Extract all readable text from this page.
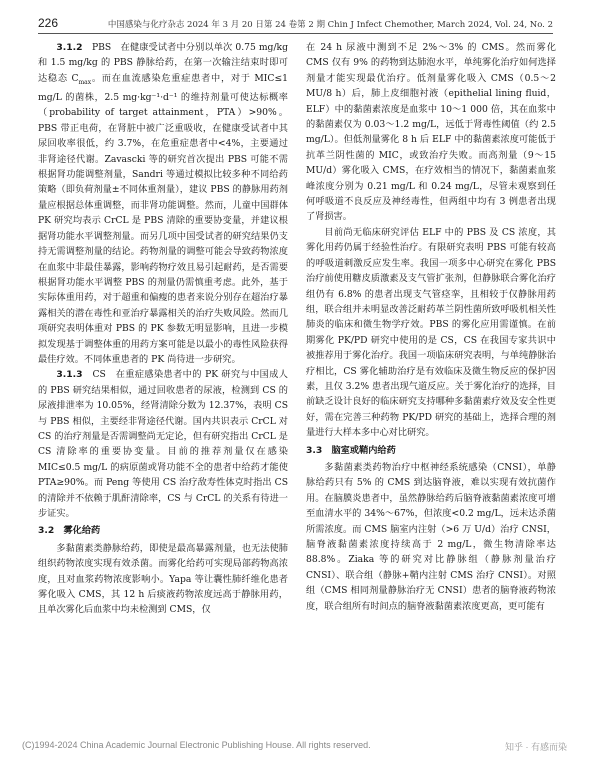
226	中国感染与化疗杂志 2024 年 3 月 20 日第 24 卷第 2 期 Chin J Infect Chemother, March 2024, Vol. 24, No. 2

3.1.2　PBS　在健康受试者中分别以单次 0.75 mg/kg 和 1.5 mg/kg 的 PBS 静脉给药，在第一次输注结束时即可达稳态 $C_{max}$。而在血流感染危重症患者中，对于 MIC≤1 mg/L 的菌株，2.5 mg·kg⁻¹·d⁻¹ 的维持剂量可使达标概率（probability of target attainment，PTA）>90%。PBS 带正电荷，在肾脏中被广泛重吸收，在健康受试者中其尿回收率很低，约 3.7%，在危重症患者中<4%，主要通过非肾途径代谢。Zavascki 等的研究首次提出 PBS 可能不需根据肾功能调整剂量，Sandri 等通过模拟比较多种不同给药策略（即负荷剂量±不同体重剂量），建议 PBS 的静脉用药剂量应根据总体重调整，而非肾功能调整。然而，儿童中国群体 PK 研究均表示 CrCL 是 PBS 清除的重要协变量，并建议根据肾功能水平调整剂量。而另几项中国受试者的研究结果仍支持无需调整剂量的结论。药物剂量的调整可能会导致药物浓度在血浆中非最佳暴露，影响药物疗效且易引起耐药，是否需要根据肾功能水平调整 PBS 的剂量仍需慎重考虑。此外，基于实际体重用药，对于超重和偏瘦的患者来说分别存在超治疗暴露相关的潜在毒性和亚治疗暴露相关的治疗失败风险。然而几项研究表明体重对 PBS 的 PK 参数无明显影响，且进一步模拟发现基于调整体重的用药方案可能是以最小的毒性风险获得最佳疗效。不同体重患者的 PK 尚待进一步研究。

3.1.3　CS　在重症感染患者中的 PK 研究与中国成人的 PBS 研究结果相似，通过回收患者的尿液，检测到 CS 的尿液排泄率为 10.05%，经肾清除分数为 12.37%，表明 CS 与 PBS 相似，主要经非肾途径代谢。国内共识表示 CrCL 对 CS 的治疗剂量是否需调整尚无定论，但有研究指出 CrCL 是 CS 清除率的重要协变量。目前的推荐剂量仅在感染 MIC≤0.5 mg/L 的病原菌或肾功能不全的患者中给药才能使 PTA≥90%。而 Peng 等使用 CS 治疗敌寿性体克时指出 CS 的清除并不依赖于肌酐清除率，CS 与 CrCL 的关系有待进一步证实。

3.2　雾化给药

多黏菌素类静脉给药，即使是最高暴露剂量，也无法使肺组织药物浓度实现有效杀菌。而雾化给药可实现局部药物高浓度，且对血浆药物浓度影响小。Yapa 等让囊性肺纤维化患者雾化吸入 CMS，其 12 h 后痰液药物浓度远高于静脉用药，且单次雾化后血浆中均未检测到 CMS，仅

在 24 h 尿液中测到不足 2%～3% 的 CMS。然而雾化 CMS 仅有 9% 的药物到达肺泡水平，单纯雾化治疗如何选择剂量才能实现最优治疗。低剂量雾化吸入 CMS（0.5～2 MU/8 h）后，肺上皮细胞衬液（epithelial lining fluid，ELF）中的黏菌素浓度是血浆中 10～1 000 倍，其在血浆中的黏菌素仅为 0.03～1.2 mg/L，远低于肾毒性阈值（约 2.5 mg/L）。但低剂量雾化 8 h 后 ELF 中的黏菌素浓度可能低于抗革兰阴性菌的 MIC，或致治疗失败。而高剂量（9～15 MU/d）雾化吸入 CMS，在疗效相当的情况下，黏菌素血浆峰浓度分别为 0.21 mg/L 和 0.24 mg/L，尽管未观察到任何呼吸道不良反应及神经毒性，但两组中均有 3 例患者出现了肾损害。

目前尚无临床研究评估 ELF 中的 PBS 及 CS 浓度，其雾化用药仍属于经验性治疗。有限研究表明 PBS 可能有较高的呼吸道刺激反应发生率。我国一项多中心研究在雾化 PBS 治疗前使用糖皮质激素及支气管扩张剂，但静脉联合雾化治疗组仍有 6.8% 的患者出现支气管痉挛，且相较于仅静脉用药组，联合组并未明显改善泛耐药革兰阴性菌所致呼吸机相关性肺炎的临床和微生物学疗效。PBS 的雾化应用需谨慎。在前期雾化 PK/PD 研究中使用的是 CS，CS 在我国专家共识中被推荐用于雾化治疗。我国一项临床研究表明，与单纯静脉治疗相比，CS 雾化辅助治疗是有效临床及微生物反应的保护因素，且仅 3.2% 患者出现气道反应。关于雾化治疗的选择，目前缺乏设计良好的临床研究支持哪种多黏菌素疗效及安全性更好，需在完善三种药物 PK/PD 研究的基础上，选择合理的剂量进行大样本多中心对比研究。

3.3　脑室或鞘内给药

多黏菌素类药物治疗中枢神经系统感染（CNSI），单静脉给药只有 5% 的 CMS 到达脑脊液，难以实现有效抗菌作用。在脑膜炎患者中，虽然静脉给药后脑脊液黏菌素浓度可增至血清水平的 34%～67%，但浓度<0.2 mg/L，远未达杀菌所需浓度。而 CMS 脑室内注射（>6 万 U/d）治疗 CNSI，脑脊液黏菌素浓度持续高于 2 mg/L，微生物清除率达 88.8%。Ziaka 等的研究对比静脉组（静脉剂量治疗 CNSI）、联合组（静脉+鞘内注射 CMS 治疗 CNSI）。对照组（CMS 相同剂量静脉治疗无 CNSI）患者的脑脊液药物浓度，联合组所有时间点的脑脊液黏菌素浓度更高，更可能有

(C)1994-2024 China Academic Journal Electronic Publishing House. All rights reserved.	知乎 · 有感而染
